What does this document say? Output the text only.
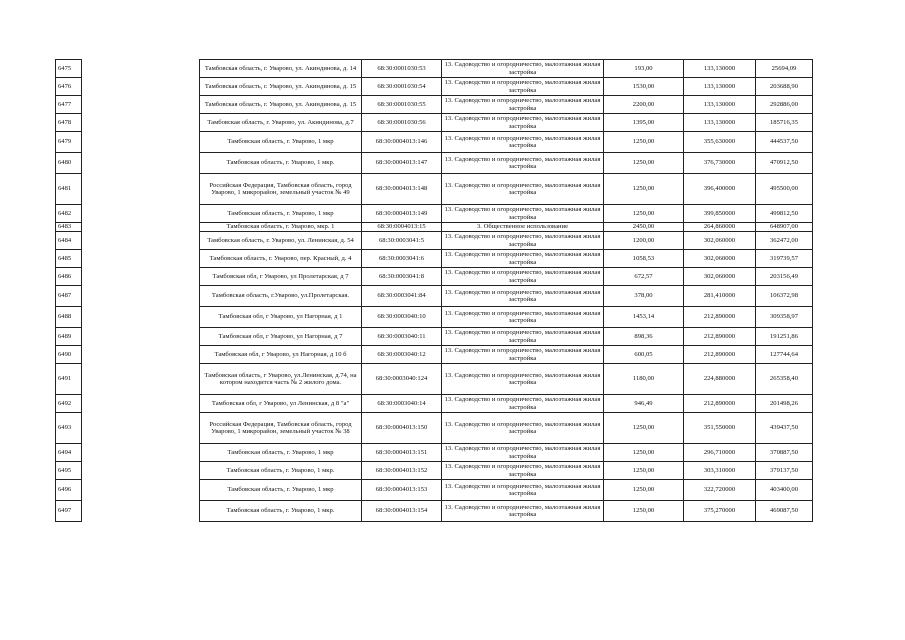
6475		Тамбовская область, г. Уварово, ул. Акиндинова, д. 14	68:30:0001030:53	13. Садоводство и огородничество, малоэтажная жилая застройка	193,00	133,130000	25694,09
6476		Тамбовская область, г. Уварово, ул. Акиндинова, д. 15	68:30:0001030:54	13. Садоводство и огородничество, малоэтажная жилая застройка	1530,00	133,130000	203688,90
6477		Тамбовская область, г. Уварово, ул. Акиндинова, д. 15	68:30:0001030:55	13. Садоводство и огородничество, малоэтажная жилая застройка	2200,00	133,130000	292886,00
6478		Тамбовская область, г. Уварово, ул. Акиндинова, д.7	68:30:0001030:56	13. Садоводство и огородничество, малоэтажная жилая застройка	1395,00	133,130000	185716,35
6479		Тамбовская область, г. Уварово, 1 мкр	68:30:0004013:146	13. Садоводство и огородничество, малоэтажная жилая застройка	1250,00	355,630000	444537,50
6480		Тамбовская область, г. Уварово, 1 мкр.	68:30:0004013:147	13. Садоводство и огородничество, малоэтажная жилая застройка	1250,00	376,730000	470912,50
6481		Российская Федерация, Тамбовская область, город Уварово, 1 микрорайон, земельный участок № 49	68:30:0004013:148	13. Садоводство и огородничество, малоэтажная жилая застройка	1250,00	396,400000	495500,00
6482		Тамбовская область, г. Уварово, 1 мкр	68:30:0004013:149	13. Садоводство и огородничество, малоэтажная жилая застройка	1250,00	399,850000	499812,50
6483		Тамбовская область, г. Уварово, мкр. 1	68:30:0004013:15	3. Общественное использование	2450,00	264,860000	648907,00
6484		Тамбовская область, г. Уварово, ул. Ленинская, д. 54	68:30:0003041:5	13. Садоводство и огородничество, малоэтажная жилая застройка	1200,00	302,060000	362472,00
6485		Тамбовская область, г. Уварово, пер. Красный, д. 4	68:30:0003041:6	13. Садоводство и огородничество, малоэтажная жилая застройка	1058,53	302,060000	319739,57
6486		Тамбовская обл, г Уварово, ул Пролетарская, д 7	68:30:0003041:8	13. Садоводство и огородничество, малоэтажная жилая застройка	672,57	302,060000	203156,49
6487		Тамбовская область, г.Уварово, ул.Пролетарская.	68:30:0003041:84	13. Садоводство и огородничество, малоэтажная жилая застройка	378,00	281,410000	106372,98
6488		Тамбовская обл, г Уварово, ул Нагорная, д 1	68:30:0003040:10	13. Садоводство и огородничество, малоэтажная жилая застройка	1453,14	212,890000	309358,97
6489		Тамбовская обл, г Уварово, ул Нагорная, д 7	68:30:0003040:11	13. Садоводство и огородничество, малоэтажная жилая застройка	898,36	212,890000	191251,86
6490		Тамбовская обл, г Уварово, ул Нагорная, д 10 б	68:30:0003040:12	13. Садоводство и огородничество, малоэтажная жилая застройка	600,05	212,890000	127744,64
6491		Тамбовская область, г Уварово, ул.Ленинская, д.74, на котором находится часть № 2 жилого дома.	68:30:0003040:124	13. Садоводство и огородничество, малоэтажная жилая застройка	1180,00	224,880000	265358,40
6492		Тамбовская обл, г Уварово, ул Ленинская, д 8 "а"	68:30:0003040:14	13. Садоводство и огородничество, малоэтажная жилая застройка	946,49	212,890000	201498,26
6493		Российская Федерация, Тамбовская область, город Уварово, 1 микрорайон, земельный участок № 38	68:30:0004013:150	13. Садоводство и огородничество, малоэтажная жилая застройка	1250,00	351,550000	439437,50
6494		Тамбовская область, г. Уварово, 1 мкр	68:30:0004013:151	13. Садоводство и огородничество, малоэтажная жилая застройка	1250,00	296,710000	370887,50
6495		Тамбовская область, г. Уварово, 1 мкр.	68:30:0004013:152	13. Садоводство и огородничество, малоэтажная жилая застройка	1250,00	303,310000	379137,50
6496		Тамбовская область, г. Уварово, 1 мкр	68:30:0004013:153	13. Садоводство и огородничество, малоэтажная жилая застройка	1250,00	322,720000	403400,00
6497		Тамбовская область, г. Уварово, 1 мкр.	68:30:0004013:154	13. Садоводство и огородничество, малоэтажная жилая застройка	1250,00	375,270000	469087,50
